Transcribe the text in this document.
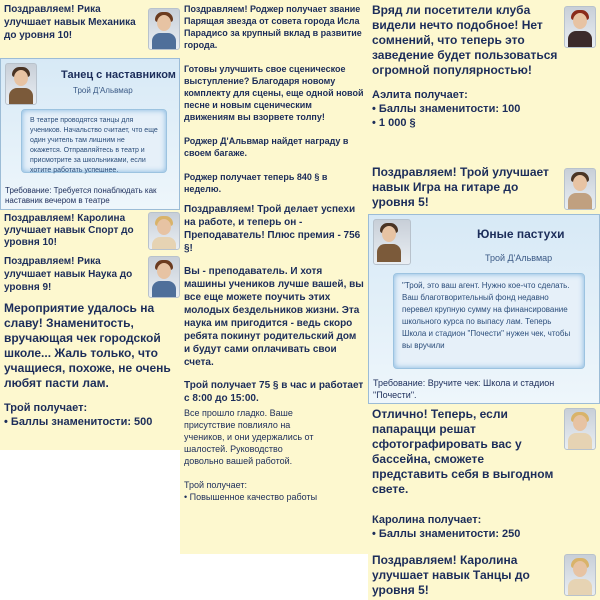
Поздравляем! Рика улучшает навык Механика до уровня 10!

Поздравляем! Роджер получает звание Парящая звезда от совета города Исла Парадисо за крупный вклад в развитие города.

Готовы улучшить свое сценическое выступление? Благодаря новому комплекту для сцены, еще одной новой песне и новым сценическим движениям вы взорвете толпу!

Роджер Д'Альвмар найдет награду в своем багаже.

Роджер получает теперь 840 § в неделю.

Вряд ли посетители клуба видели нечто подобное! Нет сомнений, что теперь это заведение будет пользоваться огромной популярностью!

Аэлита получает:

• Баллы знаменитости: 100

• 1 000 §

Танец с наставником
Трой Д'Альвмар
В театре проводятся танцы для учеников. Начальство считает, что еще один учитель там лишним не окажется. Отправляйтесь в театр и присмотрите за школьниками, если хотите работать успешнее.
Требование: Требуется понаблюдать как наставник вечером в театре

Поздравляем! Трой улучшает навык Игра на гитаре до уровня 5!

Поздравляем! Каролина улучшает навык Спорт до уровня 10!

Поздравляем! Трой делает успехи на работе, и теперь он - Преподаватель! Плюс премия - 756 §!

Вы - преподаватель. И хотя машины учеников лучше вашей, вы все еще можете поучить этих молодых бездельников жизни. Эта наука им пригодится - ведь скоро ребята покинут родительский дом и будут сами оплачивать свои счета.

Трой получает 75 § в час и работает с 8:00 до 15:00.

Юные пастухи
Трой Д'Альвмар
"Трой, это ваш агент. Нужно кое-что сделать. Ваш благотворительный фонд недавно перевел крупную сумму на финансирование школьного курса по выпасу лам. Теперь Школа и стадион "Почести" нужен чек, чтобы вы вручили
Требование: Вручите чек: Школа и стадион "Почести".

Поздравляем! Рика улучшает навык Наука до уровня 9!

Мероприятие удалось на славу! Знаменитость, вручающая чек городской школе... Жаль только, что учащиеся, похоже, не очень любят пасти лам.

Трой получает:

• Баллы знаменитости: 500

Все прошло гладко. Ваше присутствие повлияло на учеников, и они удержались от шалостей. Руководство довольно вашей работой.

Трой получает:

• Повышенное качество работы

Отлично! Теперь, если папарацци решат сфотографировать вас у бассейна, сможете представить себя в выгодном свете.

Каролина получает:

• Баллы знаменитости: 250

Поздравляем! Каролина улучшает навык Танцы до уровня 5!
